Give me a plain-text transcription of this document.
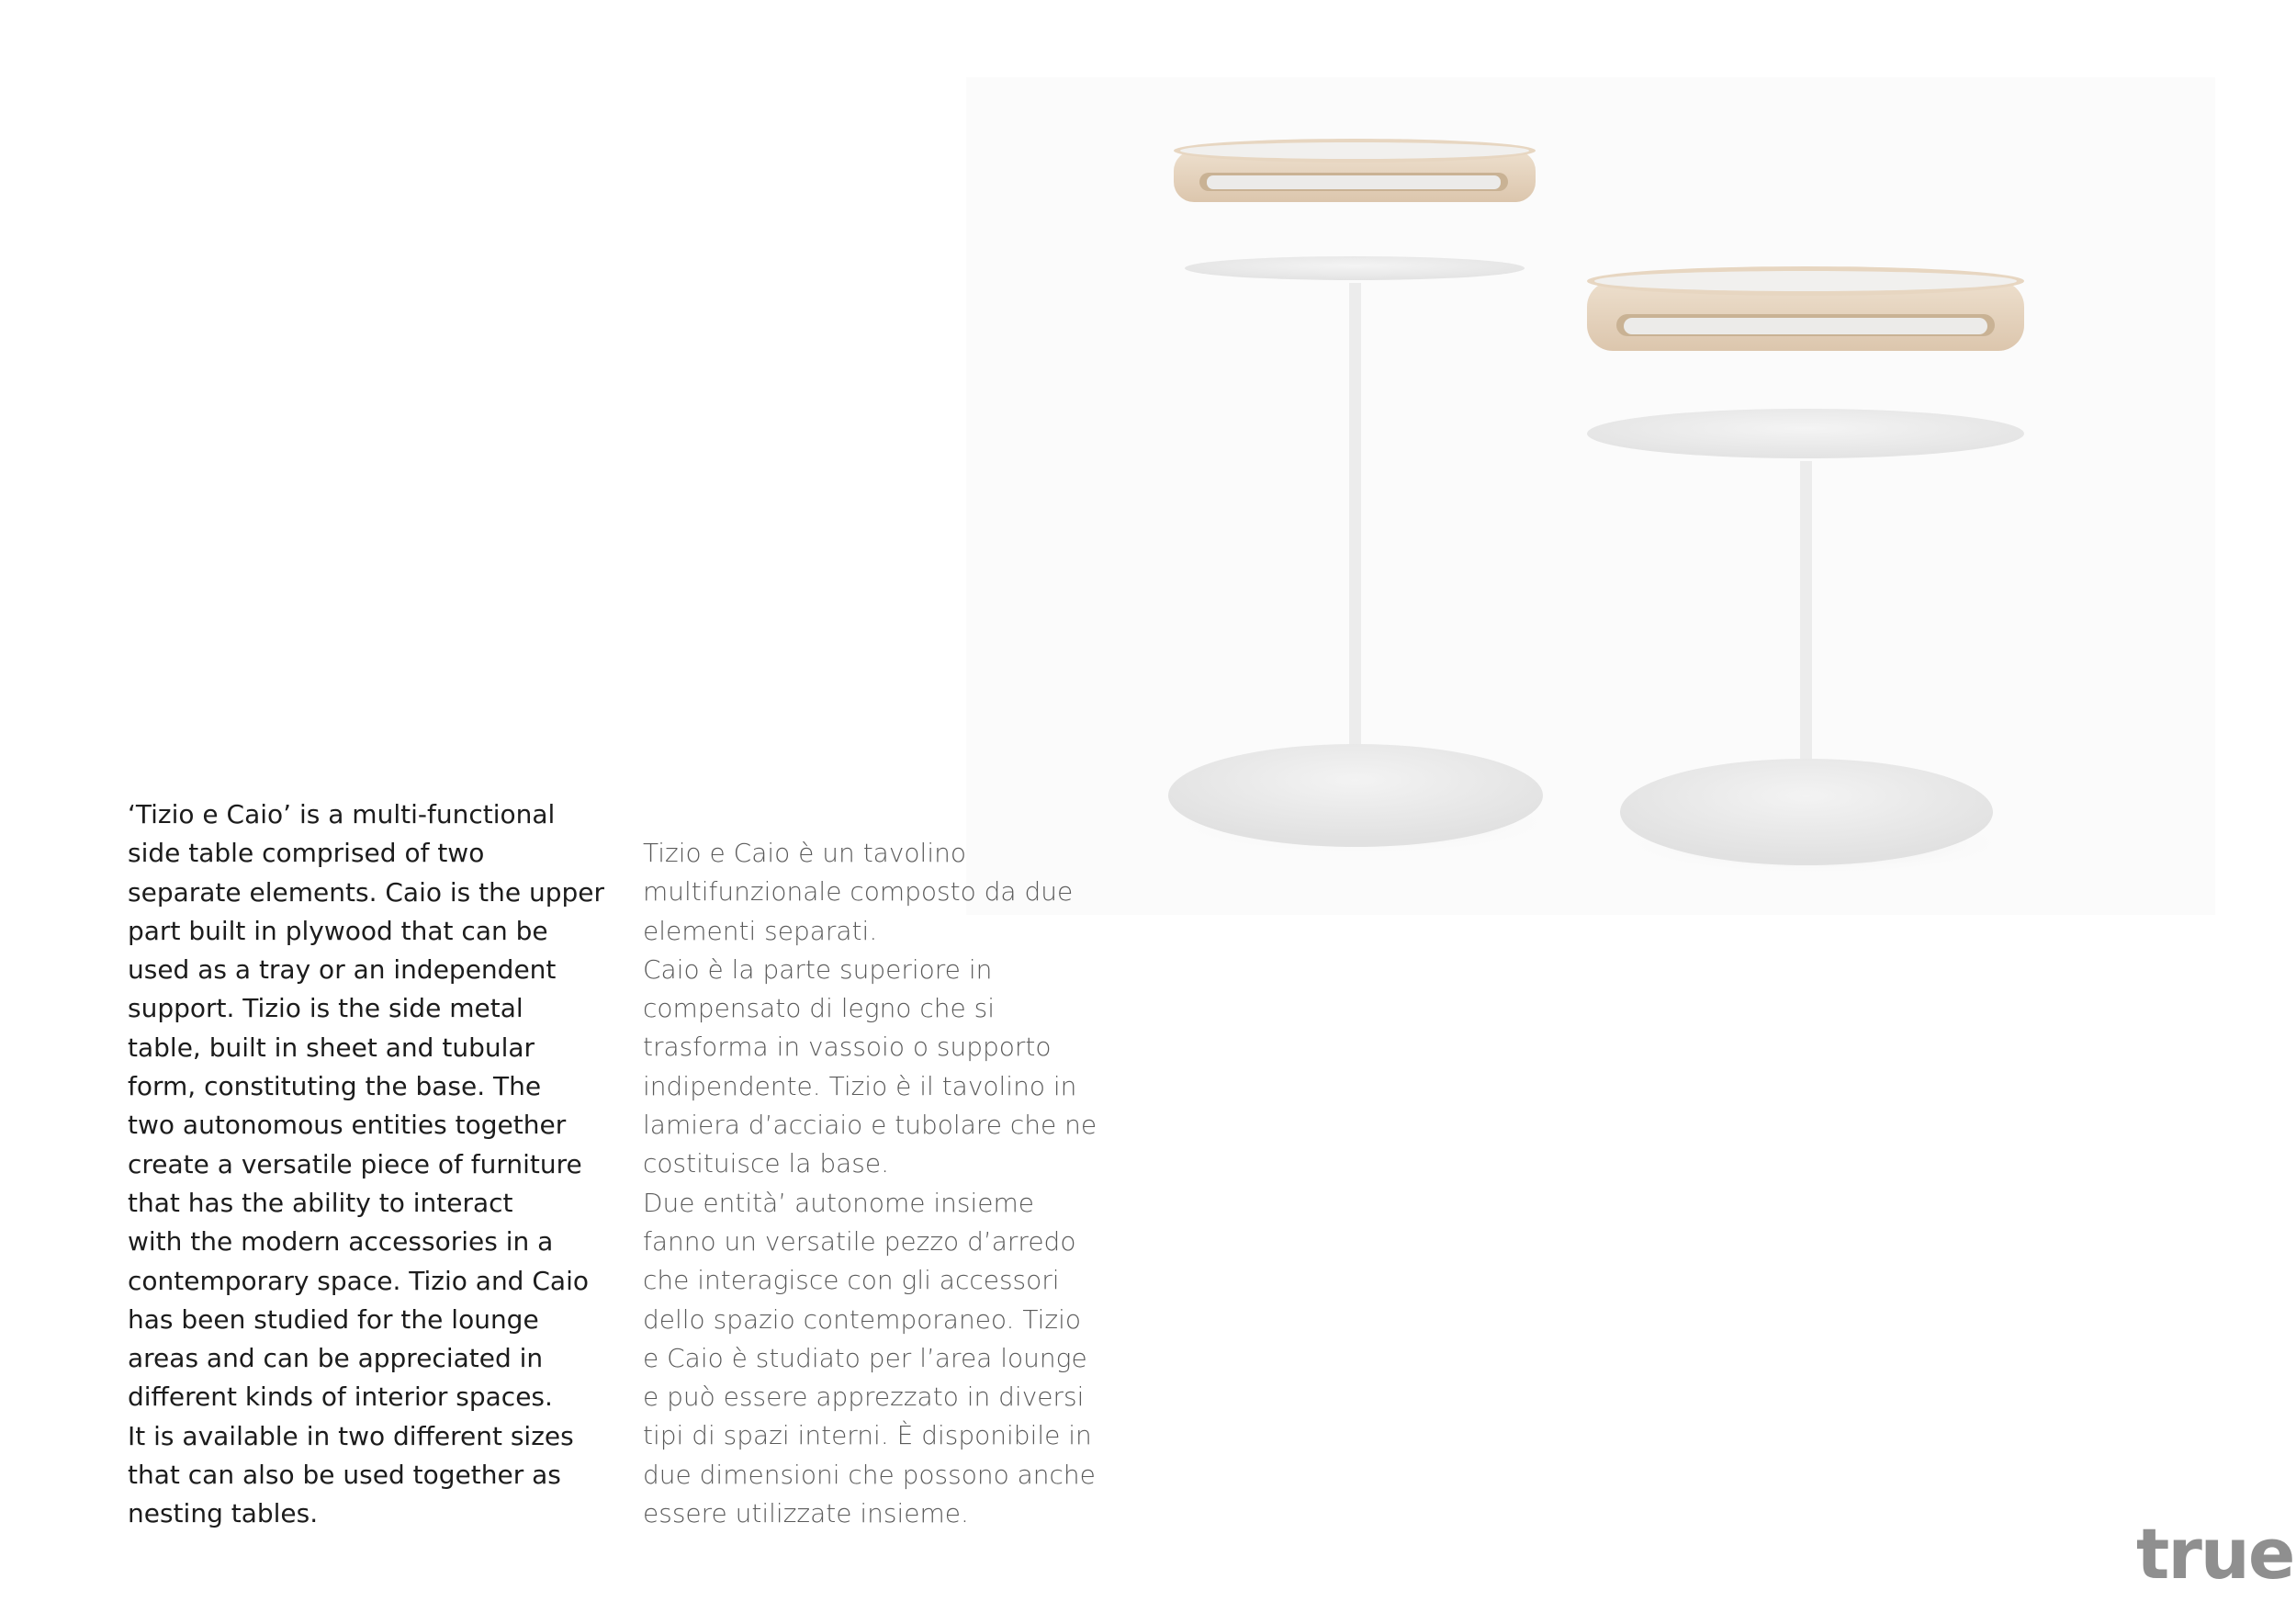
‘Tizio e Caio’ is a multi-functional
side table comprised of two
separate elements. Caio is the upper
part built in plywood that can be
used as a tray or an independent
support. Tizio is the side metal
table, built in sheet and tubular
form, constituting the base. The
two autonomous entities together
create a versatile piece of furniture
that has the ability to interact
with the modern accessories in a
contemporary space. Tizio and Caio
has been studied for the lounge
areas and can be appreciated in
different kinds of interior spaces.
It is available in two different sizes
that can also be used together as
nesting tables.

Tizio e Caio è un tavolino
multifunzionale composto da due
elementi separati.
Caio è la parte superiore in
compensato di legno che si
trasforma in vassoio o supporto
indipendente. Tizio è il tavolino in
lamiera d’acciaio e tubolare che ne
costituisce la base.
Due entità’ autonome insieme
fanno un versatile pezzo d’arredo
che interagisce con gli accessori
dello spazio contemporaneo. Tizio
e Caio è studiato per l’area lounge
e può essere apprezzato in diversi
tipi di spazi interni. È disponibile in
due dimensioni che possono anche
essere utilizzate insieme.	true
